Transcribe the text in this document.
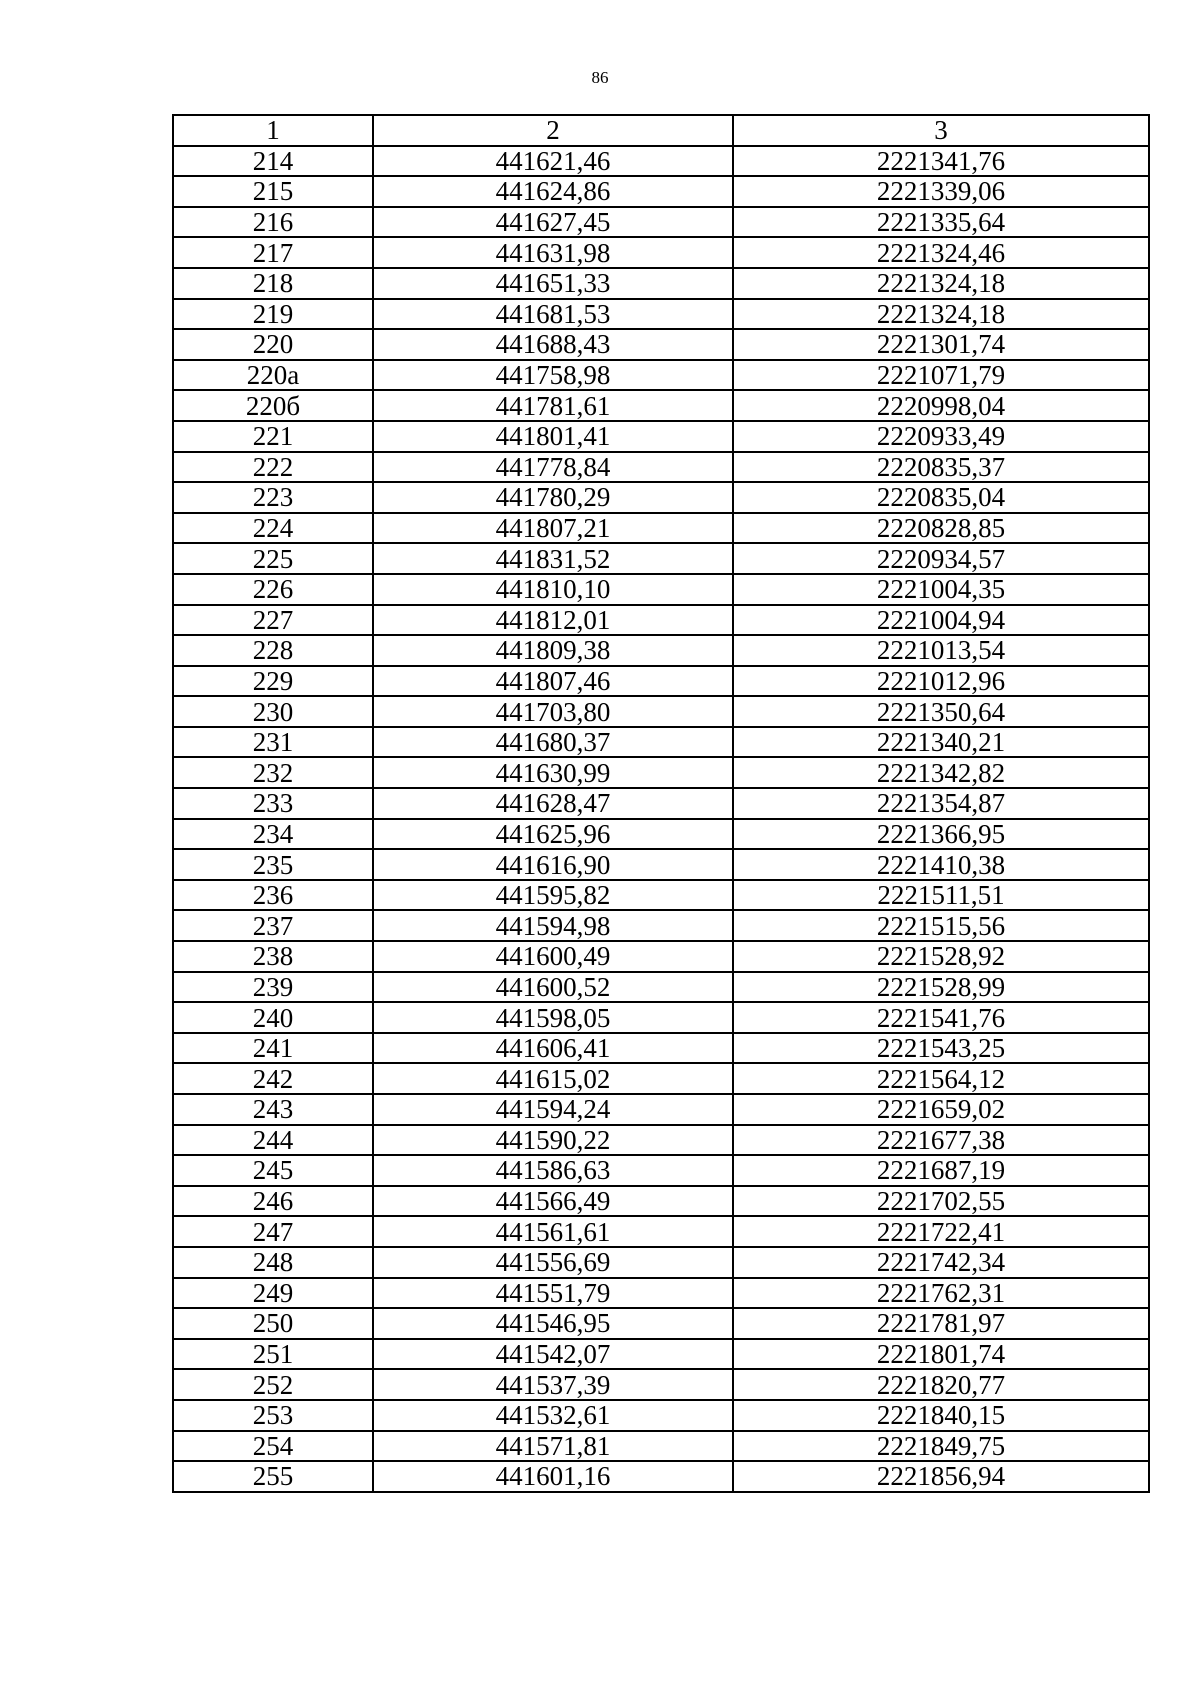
86
1	2	3
214	441621,46	2221341,76
215	441624,86	2221339,06
216	441627,45	2221335,64
217	441631,98	2221324,46
218	441651,33	2221324,18
219	441681,53	2221324,18
220	441688,43	2221301,74
220а	441758,98	2221071,79
220б	441781,61	2220998,04
221	441801,41	2220933,49
222	441778,84	2220835,37
223	441780,29	2220835,04
224	441807,21	2220828,85
225	441831,52	2220934,57
226	441810,10	2221004,35
227	441812,01	2221004,94
228	441809,38	2221013,54
229	441807,46	2221012,96
230	441703,80	2221350,64
231	441680,37	2221340,21
232	441630,99	2221342,82
233	441628,47	2221354,87
234	441625,96	2221366,95
235	441616,90	2221410,38
236	441595,82	2221511,51
237	441594,98	2221515,56
238	441600,49	2221528,92
239	441600,52	2221528,99
240	441598,05	2221541,76
241	441606,41	2221543,25
242	441615,02	2221564,12
243	441594,24	2221659,02
244	441590,22	2221677,38
245	441586,63	2221687,19
246	441566,49	2221702,55
247	441561,61	2221722,41
248	441556,69	2221742,34
249	441551,79	2221762,31
250	441546,95	2221781,97
251	441542,07	2221801,74
252	441537,39	2221820,77
253	441532,61	2221840,15
254	441571,81	2221849,75
255	441601,16	2221856,94
